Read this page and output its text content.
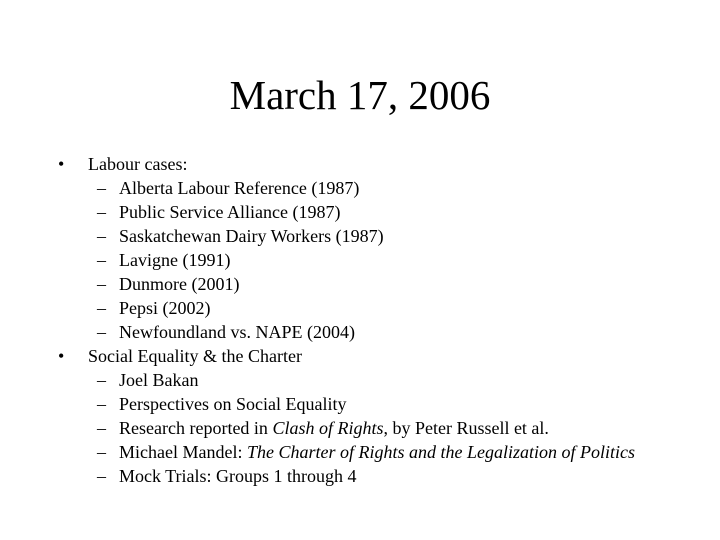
March 17, 2006
• Labour cases:
– Alberta Labour Reference (1987)
– Public Service Alliance (1987)
– Saskatchewan Dairy Workers (1987)
– Lavigne (1991)
– Dunmore (2001)
– Pepsi (2002)
– Newfoundland vs. NAPE (2004)
• Social Equality & the Charter
– Joel Bakan
– Perspectives on Social Equality
– Research reported in Clash of Rights, by Peter Russell et al.
– Michael Mandel: The Charter of Rights and the Legalization of Politics
– Mock Trials: Groups 1 through 4
